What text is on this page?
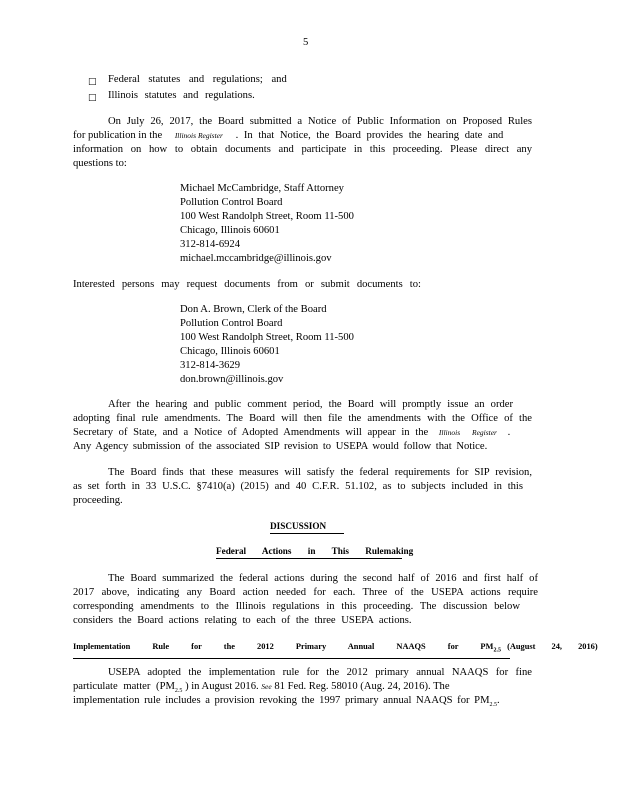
5
□ Federal statutes and regulations; and
□ Illinois statutes and regulations.
On July 26, 2017, the Board submitted a Notice of Public Information on Proposed Rules
for publication in the Illinois Register . In that Notice, the Board provides the hearing date and
information on how to obtain documents and participate in this proceeding. Please direct any
questions to:
Michael McCambridge, Staff Attorney
Pollution Control Board
100 West Randolph Street, Room 11-500
Chicago, Illinois 60601
312-814-6924
michael.mccambridge@illinois.gov
Interested persons may request documents from or submit documents to:
Don A. Brown, Clerk of the Board
Pollution Control Board
100 West Randolph Street, Room 11-500
Chicago, Illinois 60601
312-814-3629
don.brown@illinois.gov
After the hearing and public comment period, the Board will promptly issue an order
adopting final rule amendments. The Board will then file the amendments with the Office of the
Secretary of State, and a Notice of Adopted Amendments will appear in the Illinois Register .
Any Agency submission of the associated SIP revision to USEPA would follow that Notice.
The Board finds that these measures will satisfy the federal requirements for SIP revision,
as set forth in 33 U.S.C. §7410(a) (2015) and 40 C.F.R. 51.102, as to subjects included in this
proceeding.
DISCUSSION
Federal Actions in This Rulemaking
The Board summarized the federal actions during the second half of 2016 and first half of
2017 above, indicating any Board action needed for each. Three of the USEPA actions require
corresponding amendments to the Illinois regulations in this proceeding. The discussion below
considers the Board actions relating to each of the three USEPA actions.
Implementation Rule for the 2012 Primary Annual NAAQS for $PM_{2.5}$ (August 24, 2016)
USEPA adopted the implementation rule for the 2012 primary annual NAAQS for fine
particulate matter ($PM_{2.5}$ ) in August 2016. See 81 Fed. Reg. 58010 (Aug. 24, 2016). The
implementation rule includes a provision revoking the 1997 primary annual NAAQS for $PM_{2.5}$.
